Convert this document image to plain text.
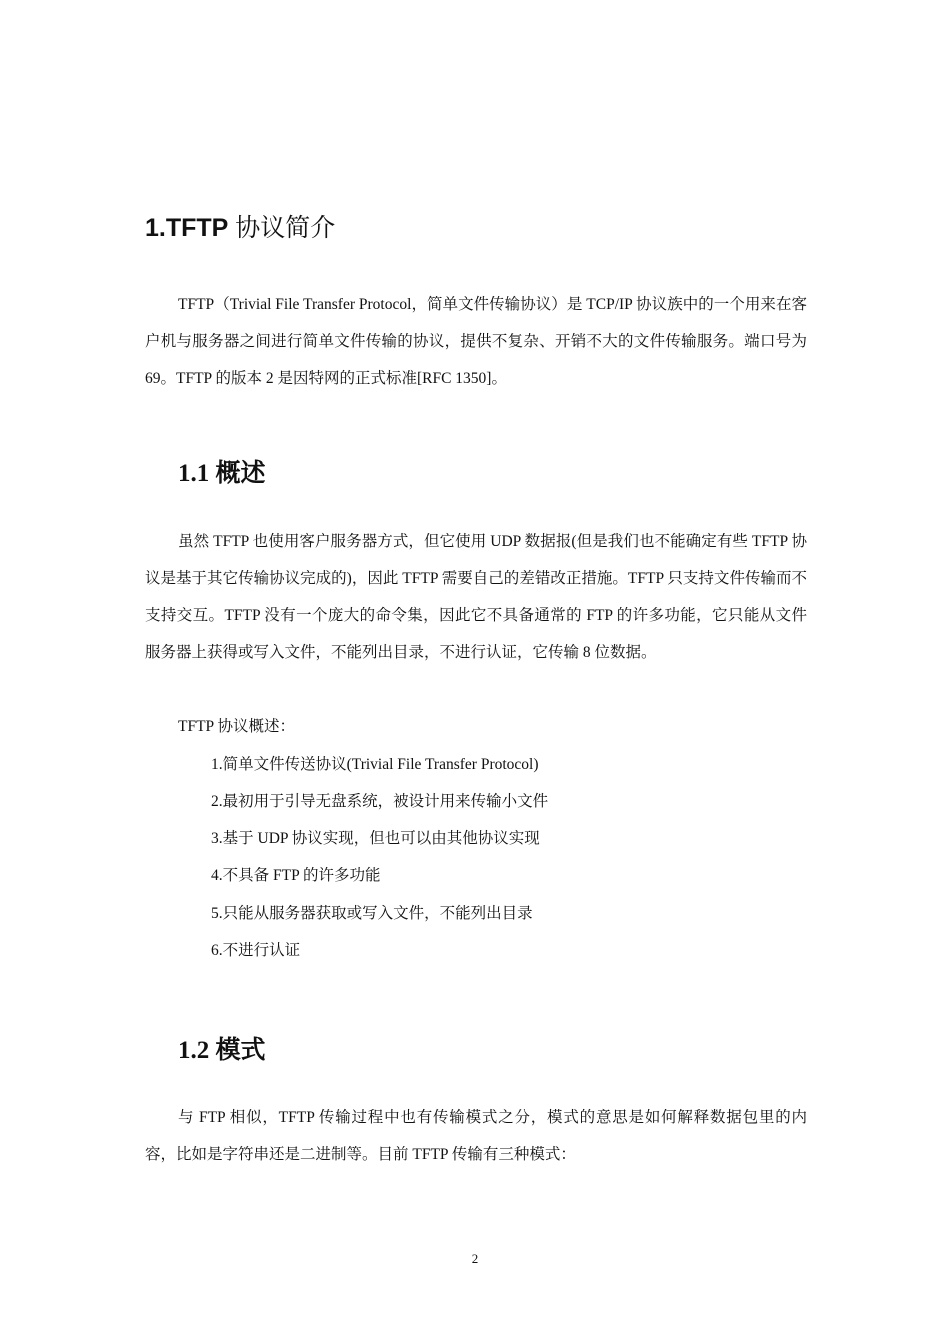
1.TFTP 协议简介

TFTP（Trivial File Transfer Protocol，简单文件传输协议）是 TCP/IP 协议族中的一个用来在客户机与服务器之间进行简单文件传输的协议，提供不复杂、开销不大的文件传输服务。端口号为 69。TFTP 的版本 2 是因特网的正式标准[RFC 1350]。

1.1 概述

虽然 TFTP 也使用客户服务器方式，但它使用 UDP 数据报(但是我们也不能确定有些 TFTP 协议是基于其它传输协议完成的)，因此 TFTP 需要自己的差错改正措施。TFTP 只支持文件传输而不支持交互。TFTP 没有一个庞大的命令集，因此它不具备通常的 FTP 的许多功能，它只能从文件服务器上获得或写入文件，不能列出目录，不进行认证，它传输 8 位数据。

TFTP 协议概述：

1.简单文件传送协议(Trivial File Transfer Protocol)

2.最初用于引导无盘系统，被设计用来传输小文件

3.基于 UDP 协议实现，但也可以由其他协议实现

4.不具备 FTP 的许多功能

5.只能从服务器获取或写入文件，不能列出目录

6.不进行认证

1.2 模式

与 FTP 相似，TFTP 传输过程中也有传输模式之分，模式的意思是如何解释数据包里的内容，比如是字符串还是二进制等。目前 TFTP 传输有三种模式：

2
